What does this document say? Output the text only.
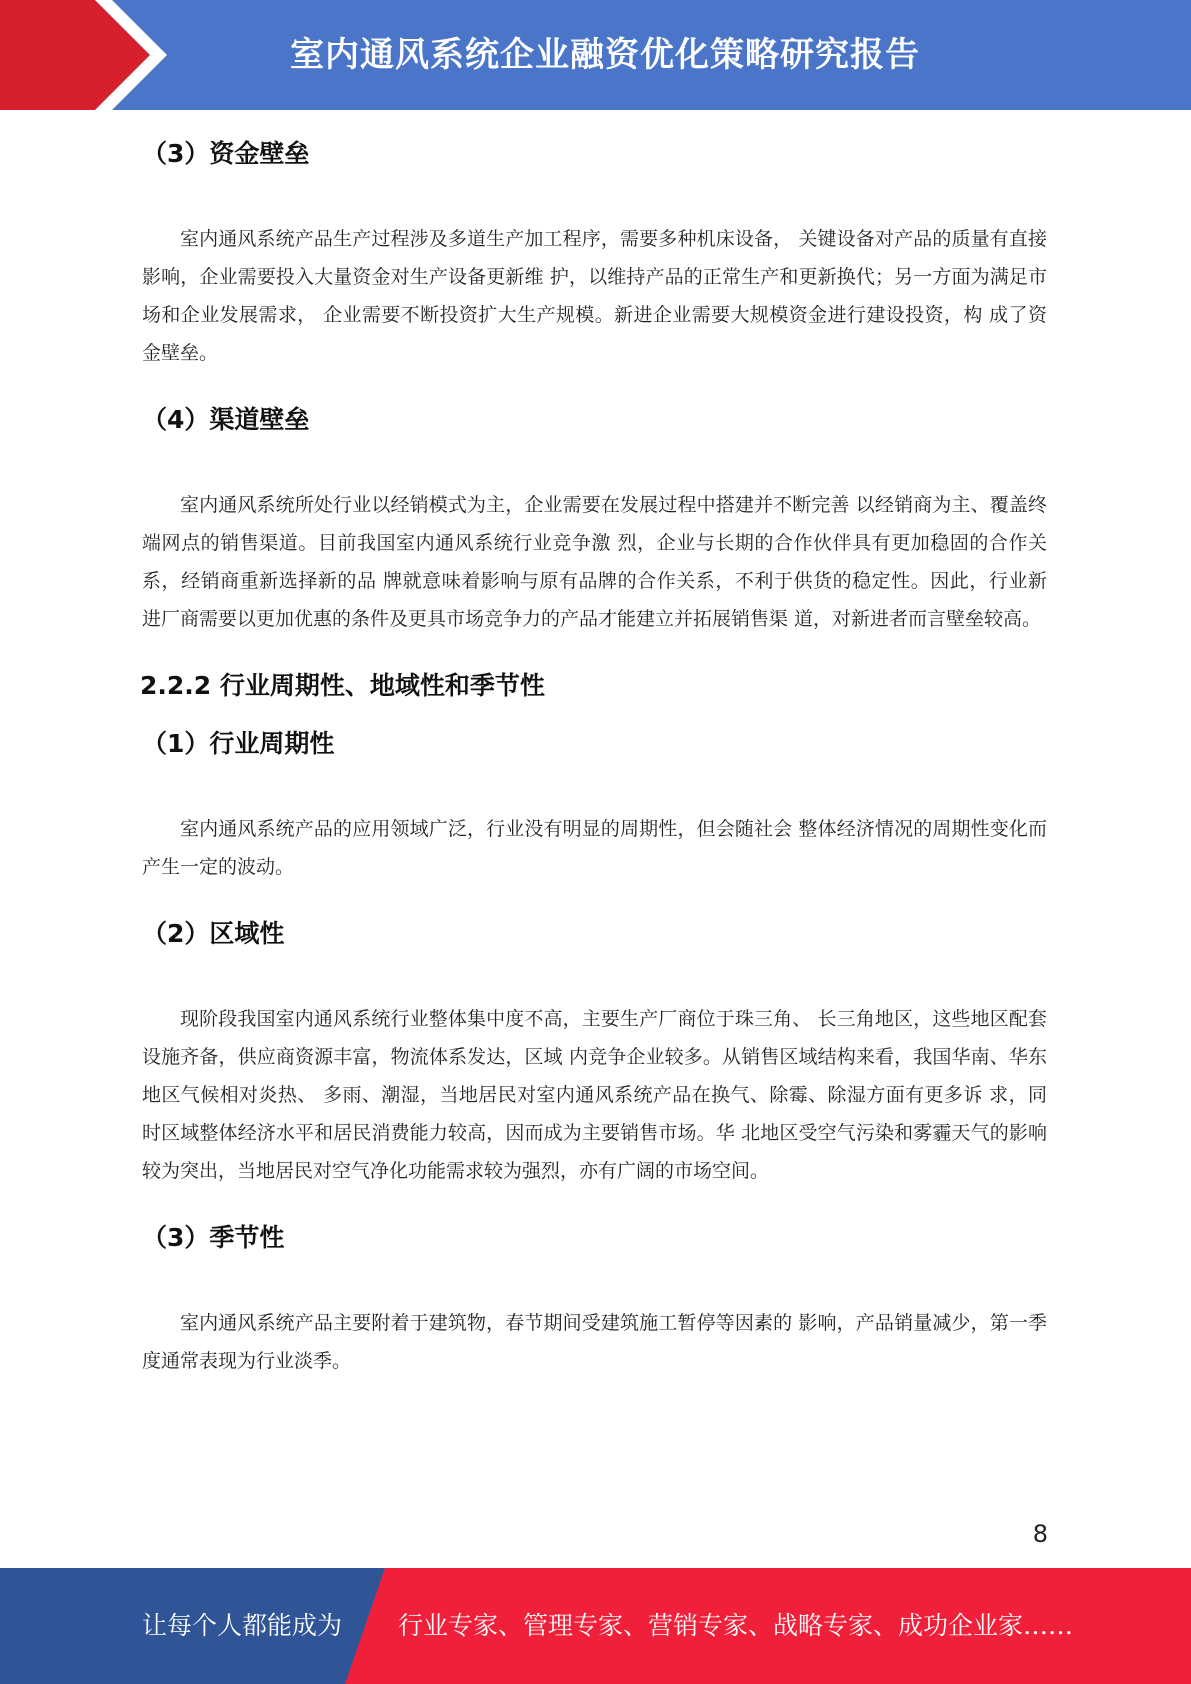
室内通风系统企业融资优化策略研究报告
（3）资金壁垒

室内通风系统产品生产过程涉及多道生产加工程序，需要多种机床设备， 关键设备对产品的质量有直接影响，企业需要投入大量资金对生产设备更新维 护，以维持产品的正常生产和更新换代；另一方面为满足市场和企业发展需求， 企业需要不断投资扩大生产规模。新进企业需要大规模资金进行建设投资，构 成了资金壁垒。

（4）渠道壁垒

室内通风系统所处行业以经销模式为主，企业需要在发展过程中搭建并不断完善 以经销商为主、覆盖终端网点的销售渠道。目前我国室内通风系统行业竞争激 烈，企业与长期的合作伙伴具有更加稳固的合作关系，经销商重新选择新的品 牌就意味着影响与原有品牌的合作关系，不利于供货的稳定性。因此，行业新 进厂商需要以更加优惠的条件及更具市场竞争力的产品才能建立并拓展销售渠 道，对新进者而言壁垒较高。

2.2.2 行业周期性、地域性和季节性
（1）行业周期性

室内通风系统产品的应用领域广泛，行业没有明显的周期性，但会随社会 整体经济情况的周期性变化而产生一定的波动。

（2）区域性

现阶段我国室内通风系统行业整体集中度不高，主要生产厂商位于珠三角、 长三角地区，这些地区配套设施齐备，供应商资源丰富，物流体系发达，区域 内竞争企业较多。从销售区域结构来看，我国华南、华东地区气候相对炎热、 多雨、潮湿，当地居民对室内通风系统产品在换气、除霉、除湿方面有更多诉 求，同时区域整体经济水平和居民消费能力较高，因而成为主要销售市场。华 北地区受空气污染和雾霾天气的影响较为突出，当地居民对空气净化功能需求较为强烈，亦有广阔的市场空间。

（3）季节性

室内通风系统产品主要附着于建筑物，春节期间受建筑施工暂停等因素的 影响，产品销量减少，第一季度通常表现为行业淡季。

8
让每个人都能成为 行业专家、管理专家、营销专家、战略专家、成功企业家……
